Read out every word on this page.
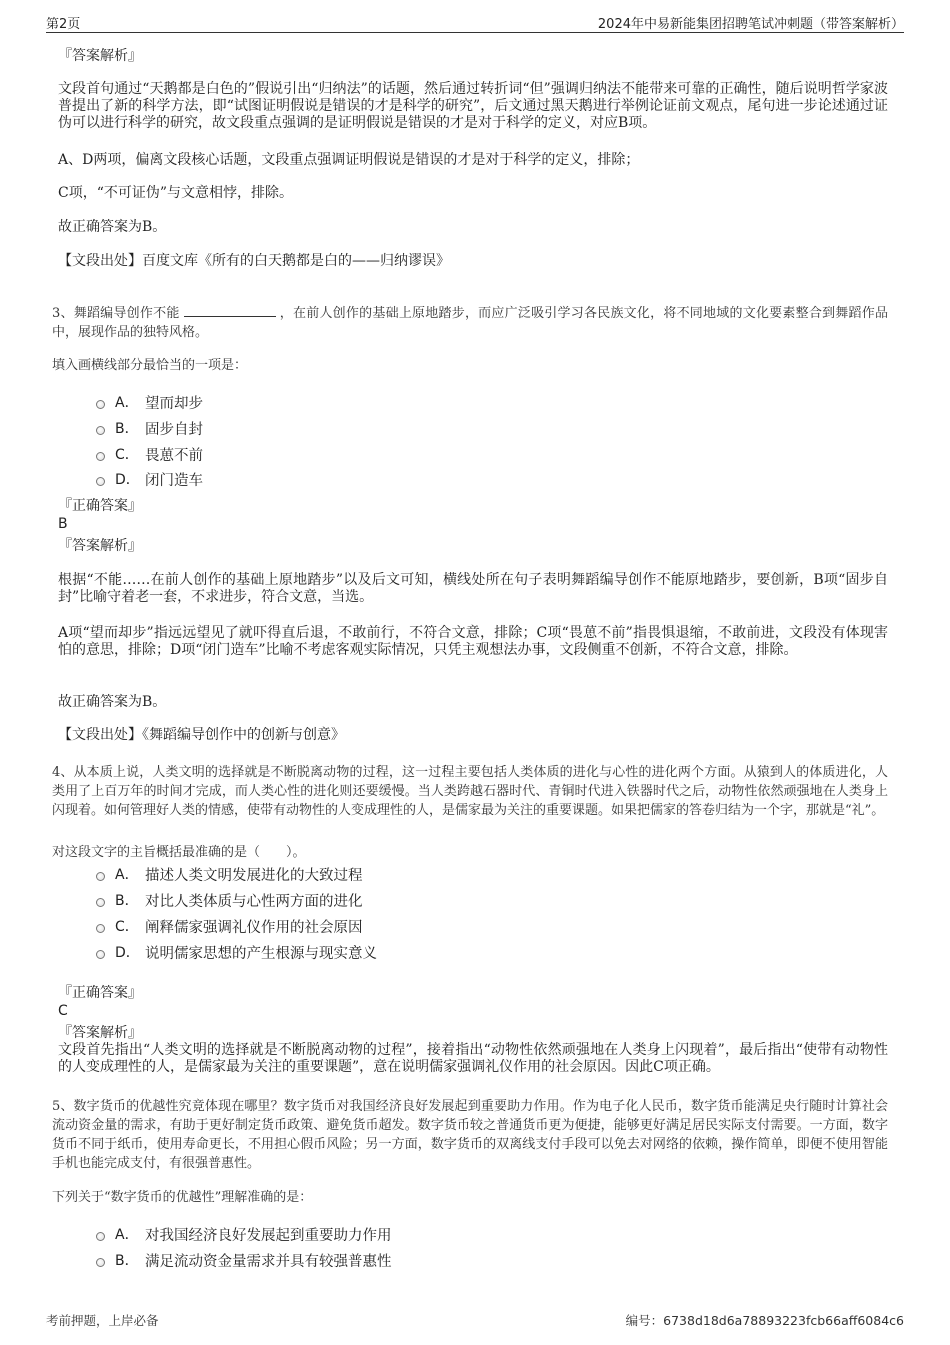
第2页	2024年中易新能集团招聘笔试冲刺题（带答案解析）
『答案解析』
文段首句通过“天鹅都是白色的”假说引出“归纳法”的话题，然后通过转折词“但”强调归纳法不能带来可靠的正确性，随后说明哲学家波普提出了新的科学方法，即“试图证明假说是错误的才是科学的研究”，后文通过黑天鹅进行举例论证前文观点，尾句进一步论述通过证伪可以进行科学的研究，故文段重点强调的是证明假说是错误的才是对于科学的定义，对应B项。
A、D两项，偏离文段核心话题，文段重点强调证明假说是错误的才是对于科学的定义，排除；
C项，“不可证伪”与文意相悖，排除。
故正确答案为B。
【文段出处】百度文库《所有的白天鹅都是白的——归纳谬误》
3、舞蹈编导创作不能	，在前人创作的基础上原地踏步，而应广泛吸引学习各民族文化，将不同地域的文化要素整合到舞蹈作品中，展现作品的独特风格。
填入画横线部分最恰当的一项是：
A． 望而却步
B． 固步自封
C． 畏葸不前
D． 闭门造车
『正确答案』
B
『答案解析』
根据“不能……在前人创作的基础上原地踏步”以及后文可知，横线处所在句子表明舞蹈编导创作不能原地踏步，要创新，B项“固步自封”比喻守着老一套，不求进步，符合文意，当选。
A项“望而却步”指远远望见了就吓得直后退，不敢前行，不符合文意，排除；C项“畏葸不前”指畏惧退缩，不敢前进，文段没有体现害怕的意思，排除；D项“闭门造车”比喻不考虑客观实际情况，只凭主观想法办事，文段侧重不创新，不符合文意，排除。
故正确答案为B。
【文段出处】《舞蹈编导创作中的创新与创意》
4、从本质上说，人类文明的选择就是不断脱离动物的过程，这一过程主要包括人类体质的进化与心性的进化两个方面。从猿到人的体质进化，人类用了上百万年的时间才完成，而人类心性的进化则还要缓慢。当人类跨越石器时代、青铜时代进入铁器时代之后，动物性依然顽强地在人类身上闪现着。如何管理好人类的情感，使带有动物性的人变成理性的人，是儒家最为关注的重要课题。如果把儒家的答卷归结为一个字，那就是“礼”。
对这段文字的主旨概括最准确的是（　　）。
A． 描述人类文明发展进化的大致过程
B． 对比人类体质与心性两方面的进化
C． 阐释儒家强调礼仪作用的社会原因
D． 说明儒家思想的产生根源与现实意义
『正确答案』
C
『答案解析』
文段首先指出“人类文明的选择就是不断脱离动物的过程”，接着指出“动物性依然顽强地在人类身上闪现着”，最后指出“使带有动物性的人变成理性的人，是儒家最为关注的重要课题”，意在说明儒家强调礼仪作用的社会原因。因此C项正确。
5、数字货币的优越性究竟体现在哪里？数字货币对我国经济良好发展起到重要助力作用。作为电子化人民币，数字货币能满足央行随时计算社会流动资金量的需求，有助于更好制定货币政策、避免货币超发。数字货币较之普通货币更为便捷，能够更好满足居民实际支付需要。一方面，数字货币不同于纸币，使用寿命更长，不用担心假币风险；另一方面，数字货币的双离线支付手段可以免去对网络的依赖，操作简单，即便不使用智能手机也能完成支付，有很强普惠性。
下列关于“数字货币的优越性”理解准确的是：
A． 对我国经济良好发展起到重要助力作用
B． 满足流动资金量需求并具有较强普惠性
考前押题，上岸必备	编号：6738d18d6a78893223fcb66aff6084c6
